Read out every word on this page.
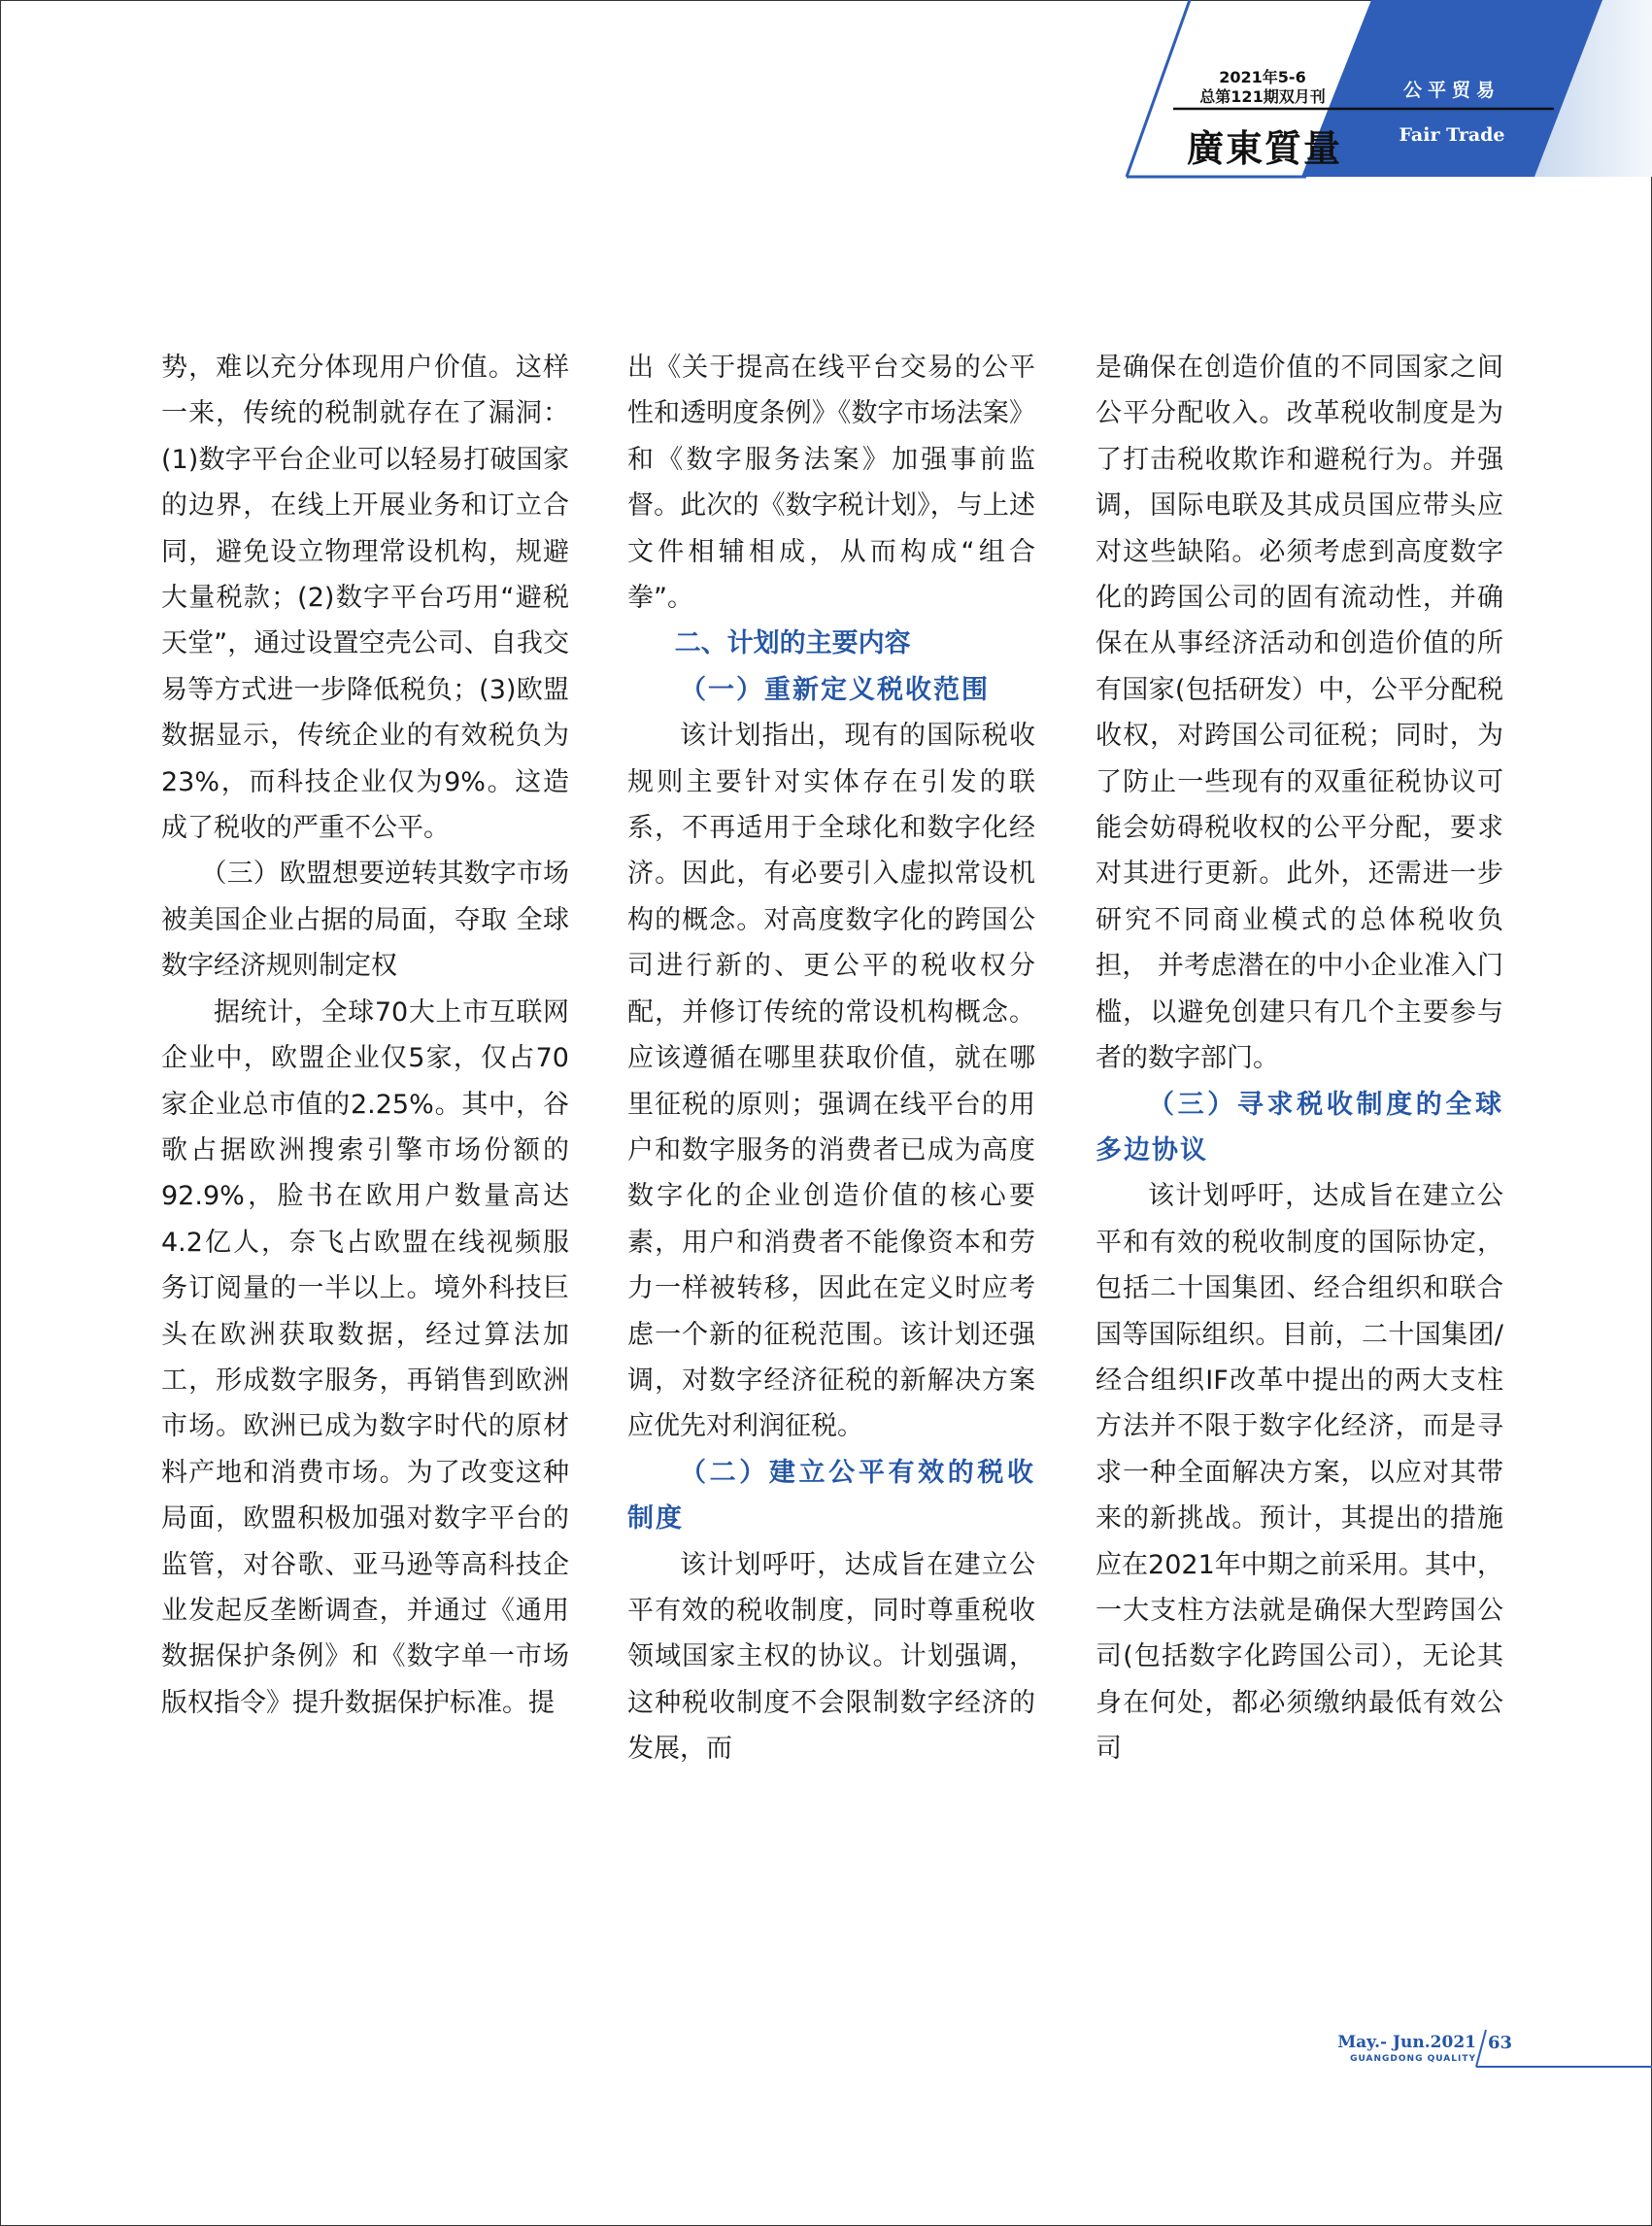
2021年5-6
总第121期双月刊
廣東質量
公平贸易
Fair Trade

势，难以充分体现用户价值。这样一来，传统的税制就存在了漏洞：(1)数字平台企业可以轻易打破国家的边界，在线上开展业务和订立合同，避免设立物理常设机构，规避大量税款；(2)数字平台巧用“避税天堂”，通过设置空壳公司、自我交易等方式进一步降低税负；(3)欧盟数据显示，传统企业的有效税负为23%，而科技企业仅为9%。这造成了税收的严重不公平。

（三）欧盟想要逆转其数字市场被美国企业占据的局面，夺取 全球数字经济规则制定权

据统计，全球70大上市互联网企业中，欧盟企业仅5家，仅占70家企业总市值的2.25%。其中，谷歌占据欧洲搜索引擎市场份额的92.9%，脸书在欧用户数量高达4.2亿人，奈飞占欧盟在线视频服务订阅量的一半以上。境外科技巨头在欧洲获取数据，经过算法加工，形成数字服务，再销售到欧洲市场。欧洲已成为数字时代的原材料产地和消费市场。为了改变这种局面，欧盟积极加强对数字平台的监管，对谷歌、亚马逊等高科技企业发起反垄断调查，并通过《通用数据保护条例》和《数字单一市场版权指令》提升数据保护标准。提

出《关于提高在线平台交易的公平性和透明度条例》《数字市场法案》和《数字服务法案》加强事前监督。此次的《数字税计划》，与上述文件相辅相成，从而构成“组合拳”。

二、计划的主要内容

（一）重新定义税收范围

该计划指出，现有的国际税收规则主要针对实体存在引发的联系，不再适用于全球化和数字化经济。因此，有必要引入虚拟常设机构的概念。对高度数字化的跨国公司进行新的、更公平的税收权分配，并修订传统的常设机构概念。应该遵循在哪里获取价值，就在哪里征税的原则；强调在线平台的用户和数字服务的消费者已成为高度数字化的企业创造价值的核心要素，用户和消费者不能像资本和劳力一样被转移，因此在定义时应考虑一个新的征税范围。该计划还强调，对数字经济征税的新解决方案应优先对利润征税。

（二）建立公平有效的税收制度

该计划呼吁，达成旨在建立公平有效的税收制度，同时尊重税收领域国家主权的协议。计划强调，这种税收制度不会限制数字经济的发展，而

是确保在创造价值的不同国家之间公平分配收入。改革税收制度是为了打击税收欺诈和避税行为。并强调，国际电联及其成员国应带头应对这些缺陷。必须考虑到高度数字化的跨国公司的固有流动性，并确保在从事经济活动和创造价值的所有国家(包括研发）中，公平分配税收权，对跨国公司征税；同时，为了防止一些现有的双重征税协议可能会妨碍税收权的公平分配，要求对其进行更新。此外，还需进一步研究不同商业模式的总体税收负担， 并考虑潜在的中小企业准入门槛，以避免创建只有几个主要参与者的数字部门。

（三）寻求税收制度的全球多边协议

该计划呼吁，达成旨在建立公平和有效的税收制度的国际协定，包括二十国集团、经合组织和联合国等国际组织。目前，二十国集团/经合组织IF改革中提出的两大支柱方法并不限于数字化经济，而是寻求一种全面解决方案，以应对其带来的新挑战。预计，其提出的措施应在2021年中期之前采用。其中，一大支柱方法就是确保大型跨国公司(包括数字化跨国公司），无论其身在何处，都必须缴纳最低有效公司

May.- Jun.2021
GUANGDONG QUALITY
63
